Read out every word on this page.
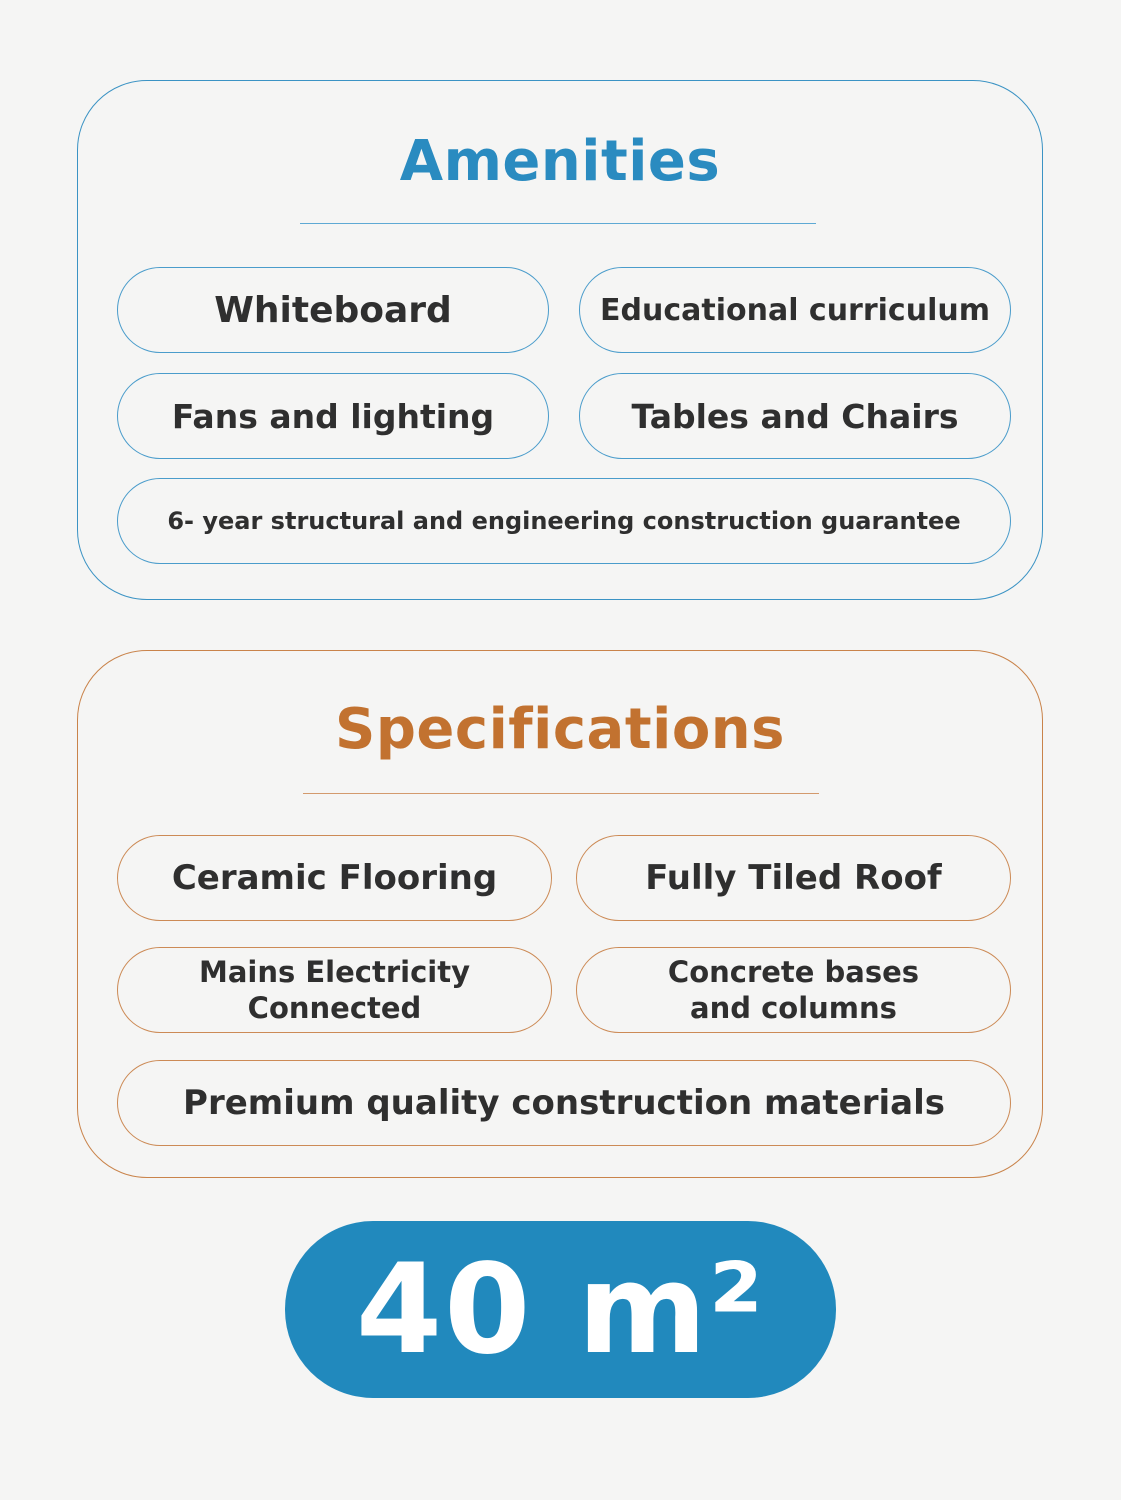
Amenities
Whiteboard	Educational curriculum
Fans and lighting	Tables and Chairs
6- year structural and engineering construction guarantee
Specifications
Ceramic Flooring	Fully Tiled Roof
Mains Electricity
Connected
Concrete bases
and columns
Premium quality construction materials
40 m²
